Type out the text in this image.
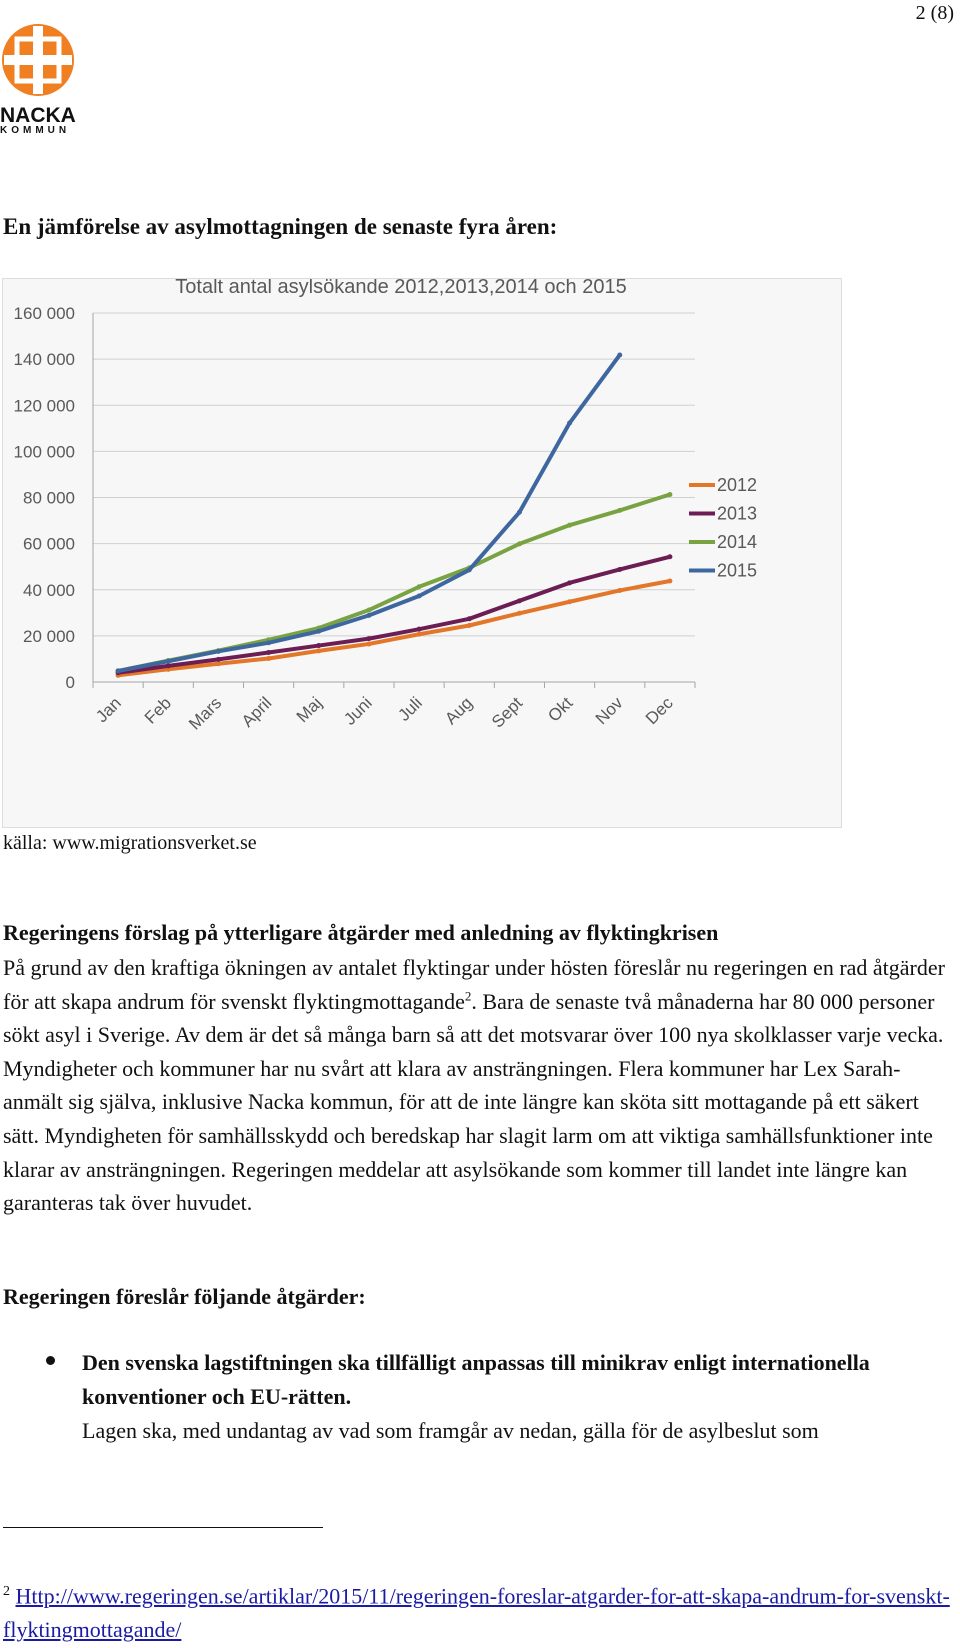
2 (8)
NACKA
KOMMUN
En jämförelse av asylmottagningen de senaste fyra åren:
Totalt antal asylsökande 2012,2013,2014 och 2015
0
20 000
40 000
60 000
80 000
100 000
120 000
140 000
160 000
Jan Feb Mars April Maj Juni Juli Aug Sept Okt Nov Dec
2012
2013
2014
2015
källa: www.migrationsverket.se
Regeringens förslag på ytterligare åtgärder med anledning av flyktingkrisen
På grund av den kraftiga ökningen av antalet flyktingar under hösten föreslår nu regeringen en rad åtgärder för att skapa andrum för svenskt flyktingmottagande$^2$. Bara de senaste två månaderna har 80 000 personer sökt asyl i Sverige. Av dem är det så många barn så att det motsvarar över 100 nya skolklasser varje vecka. Myndigheter och kommuner har nu svårt att klara av ansträngningen. Flera kommuner har Lex Sarah-anmält sig själva, inklusive Nacka kommun, för att de inte längre kan sköta sitt mottagande på ett säkert sätt. Myndigheten för samhällsskydd och beredskap har slagit larm om att viktiga samhällsfunktioner inte klarar av ansträngningen. Regeringen meddelar att asylsökande som kommer till landet inte längre kan garanteras tak över huvudet.
Regeringen föreslår följande åtgärder:
Den svenska lagstiftningen ska tillfälligt anpassas till minikrav enligt internationella konventioner och EU-rätten.
Lagen ska, med undantag av vad som framgår av nedan, gälla för de asylbeslut som
$^2$ Http://www.regeringen.se/artiklar/2015/11/regeringen-foreslar-atgarder-for-att-skapa-andrum-for-svenskt-flyktingmottagande/
